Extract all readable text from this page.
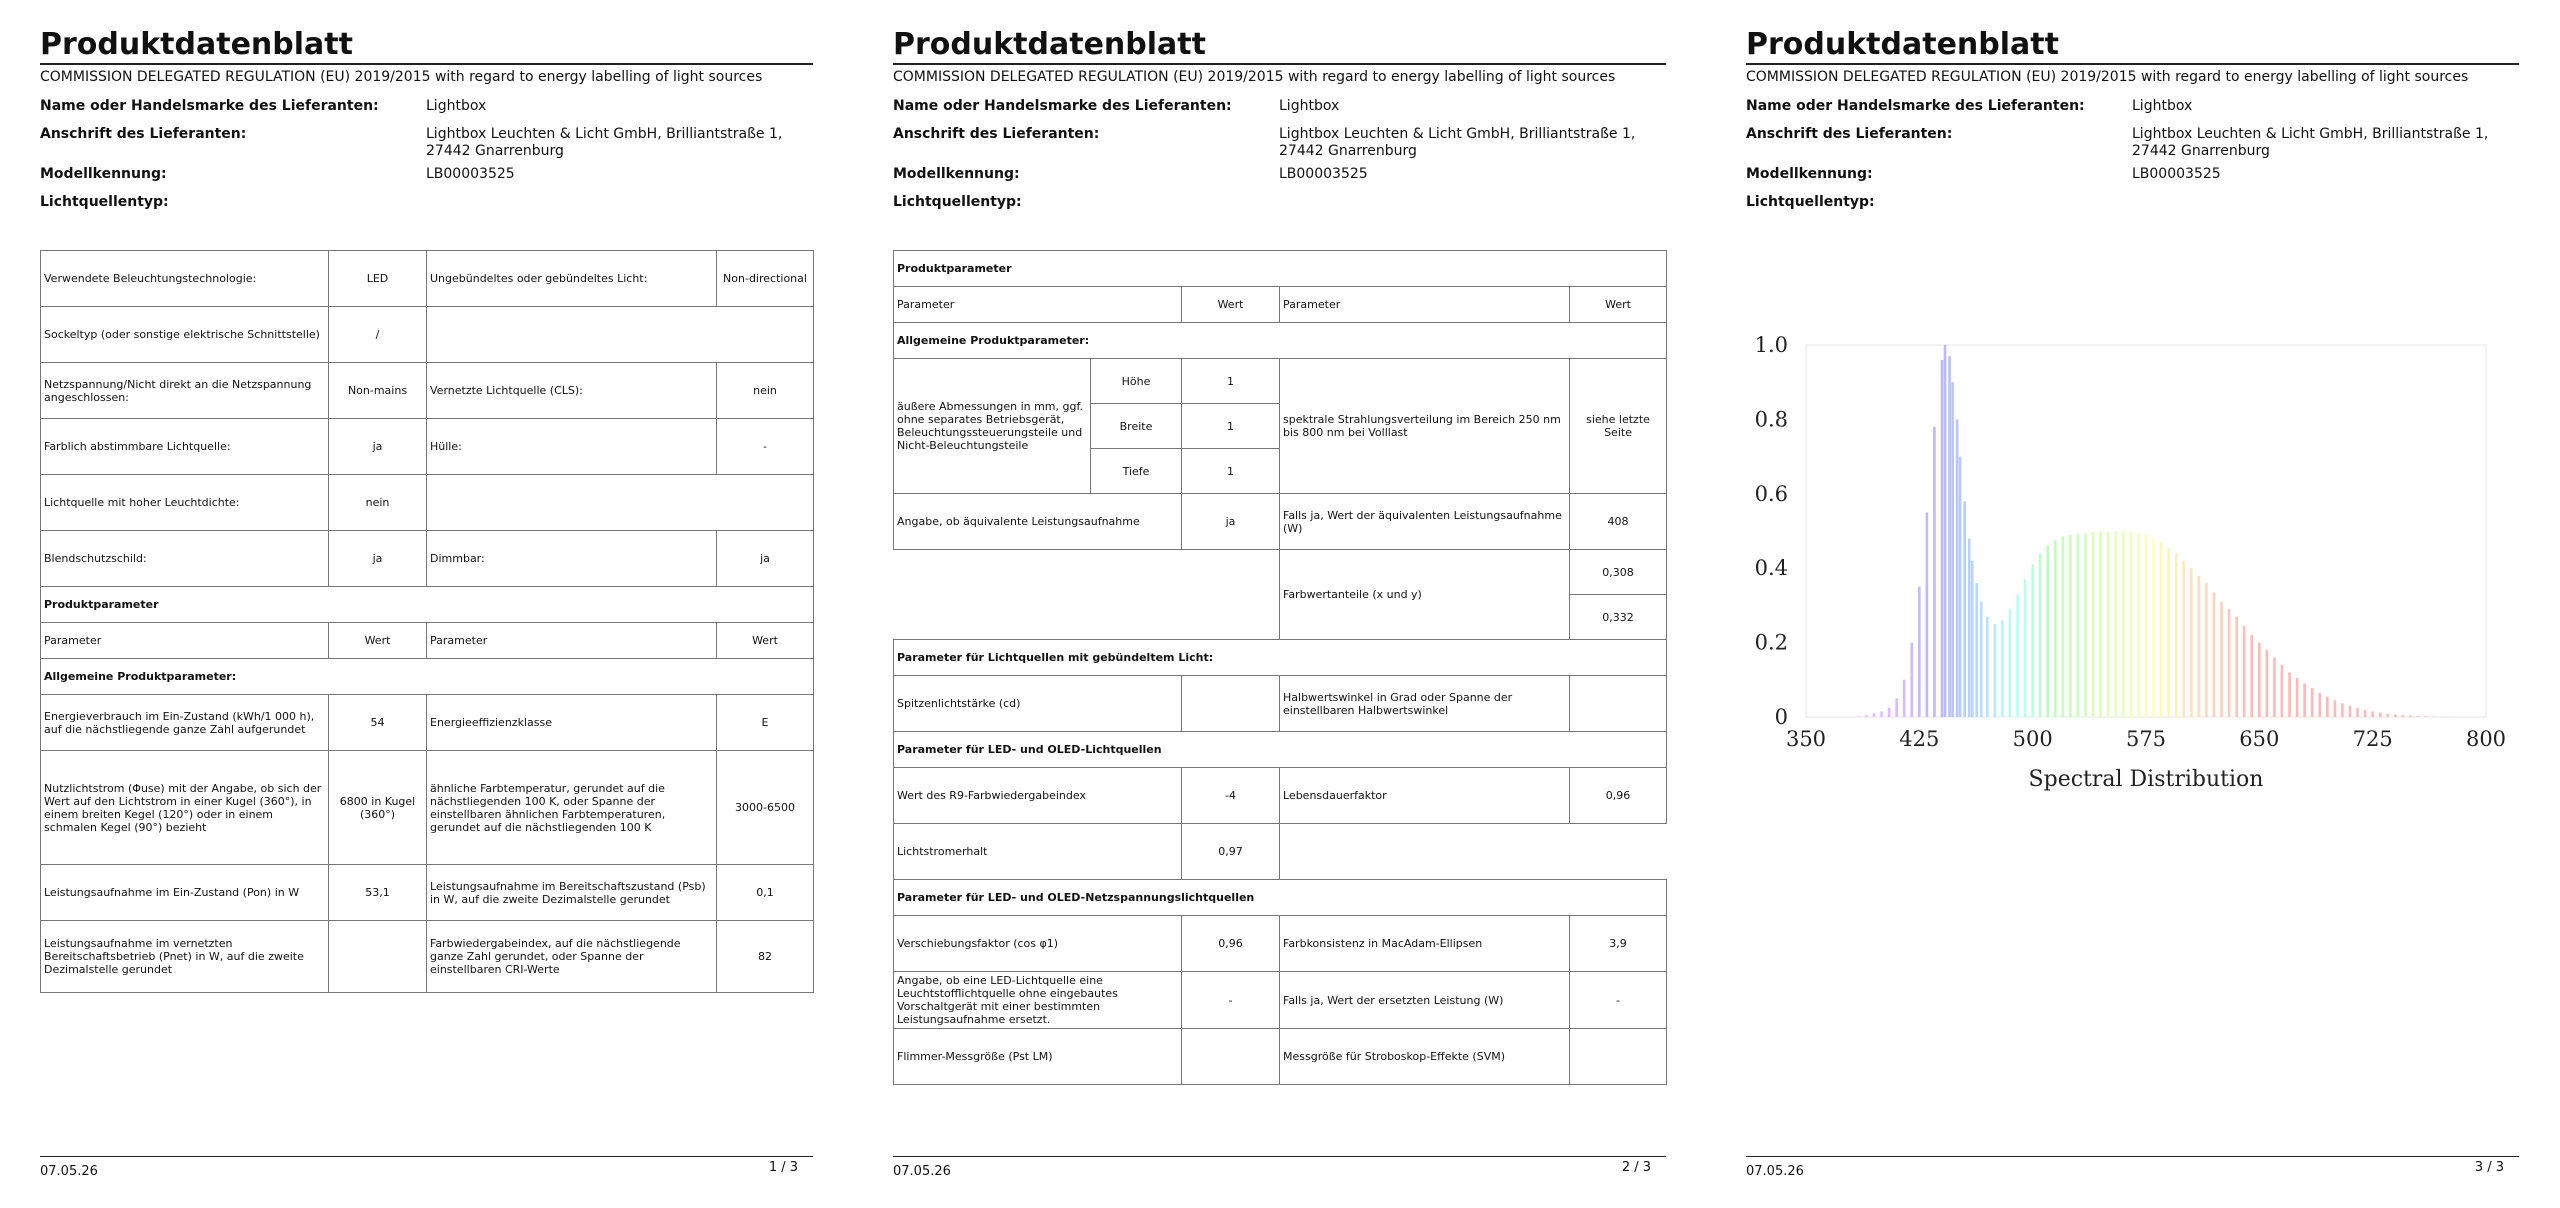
Produktdatenblatt
COMMISSION DELEGATED REGULATION (EU) 2019/2015 with regard to energy labelling of light sources
Name oder Handelsmarke des Lieferanten:	Lightbox
Anschrift des Lieferanten:	Lightbox Leuchten & Licht GmbH, Brilliantstraße 1, 27442 Gnarrenburg
Modellkennung:	LB00003525
Lichtquellentyp:
Verwendete Beleuchtungstechnologie:	LED	Ungebündeltes oder gebündeltes Licht:	Non-directional
Sockeltyp (oder sonstige elektrische Schnittstelle)	/		
Netzspannung/Nicht direkt an die Netzspannung angeschlossen:	Non-mains	Vernetzte Lichtquelle (CLS):	nein
Farblich abstimmbare Lichtquelle:	ja	Hülle:	-
Lichtquelle mit hoher Leuchtdichte:	nein		
Blendschutzschild:	ja	Dimmbar:	ja
Produktparameter			
Parameter	Wert	Parameter	Wert
Allgemeine Produktparameter:			
Energieverbrauch im Ein-Zustand (kWh/1 000 h), auf die nächstliegende ganze Zahl aufgerundet	54	Energieeffizienzklasse	E
Nutzlichtstrom (Φuse) mit der Angabe, ob sich der Wert auf den Lichtstrom in einer Kugel (360°), in einem breiten Kegel (120°) oder in einem schmalen Kegel (90°) bezieht	6800 in Kugel (360°)	ähnliche Farbtemperatur, gerundet auf die nächstliegenden 100 K, oder Spanne der einstellbaren ähnlichen Farbtemperaturen, gerundet auf die nächstliegenden 100 K	3000-6500
Leistungsaufnahme im Ein-Zustand (Pon) in W	53,1	Leistungsaufnahme im Bereitschaftszustand (Psb) in W, auf die zweite Dezimalstelle gerundet	0,1
Leistungsaufnahme im vernetzten Bereitschaftsbetrieb (Pnet) in W, auf die zweite Dezimalstelle gerundet		Farbwiedergabeindex, auf die nächstliegende ganze Zahl gerundet, oder Spanne der einstellbaren CRI-Werte	82
07.05.26	1 / 3
Produktdatenblatt
COMMISSION DELEGATED REGULATION (EU) 2019/2015 with regard to energy labelling of light sources
Name oder Handelsmarke des Lieferanten:	Lightbox
Anschrift des Lieferanten:	Lightbox Leuchten & Licht GmbH, Brilliantstraße 1, 27442 Gnarrenburg
Modellkennung:	LB00003525
Lichtquellentyp:
Produktparameter				
Parameter		Wert	Parameter	Wert
Allgemeine Produktparameter:				
äußere Abmessungen in mm, ggf. ohne separates Betriebsgerät, Beleuchtungssteuerungsteile und Nicht-Beleuchtungsteile	Höhe	1	spektrale Strahlungsverteilung im Bereich 250 nm bis 800 nm bei Volllast	siehe letzte Seite
	Breite	1		
	Tiefe	1		
Angabe, ob äquivalente Leistungsaufnahme		ja	Falls ja, Wert der äquivalenten Leistungsaufnahme (W)	408
			Farbwertanteile (x und y)	0,308
				0,332
Parameter für Lichtquellen mit gebündeltem Licht:				
Spitzenlichtstärke (cd)			Halbwertswinkel in Grad oder Spanne der einstellbaren Halbwertswinkel	
Parameter für LED- und OLED-Lichtquellen				
Wert des R9-Farbwiedergabeindex		-4	Lebensdauerfaktor	0,96
Lichtstromerhalt		0,97		
Parameter für LED- und OLED-Netzspannungslichtquellen				
Verschiebungsfaktor (cos φ1)		0,96	Farbkonsistenz in MacAdam-Ellipsen	3,9
Angabe, ob eine LED-Lichtquelle eine Leuchtstofflichtquelle ohne eingebautes Vorschaltgerät mit einer bestimmten Leistungsaufnahme ersetzt.		-	Falls ja, Wert der ersetzten Leistung (W)	-
Flimmer-Messgröße (Pst LM)			Messgröße für Stroboskop-Effekte (SVM)	
07.05.26	2 / 3
Produktdatenblatt
COMMISSION DELEGATED REGULATION (EU) 2019/2015 with regard to energy labelling of light sources
Name oder Handelsmarke des Lieferanten:	Lightbox
Anschrift des Lieferanten:	Lightbox Leuchten & Licht GmbH, Brilliantstraße 1, 27442 Gnarrenburg
Modellkennung:	LB00003525
Lichtquellentyp:
0
0.2
0.4
0.6
0.8
1.0
350	425	500	575	650	725	800
Spectral Distribution
07.05.26	3 / 3
